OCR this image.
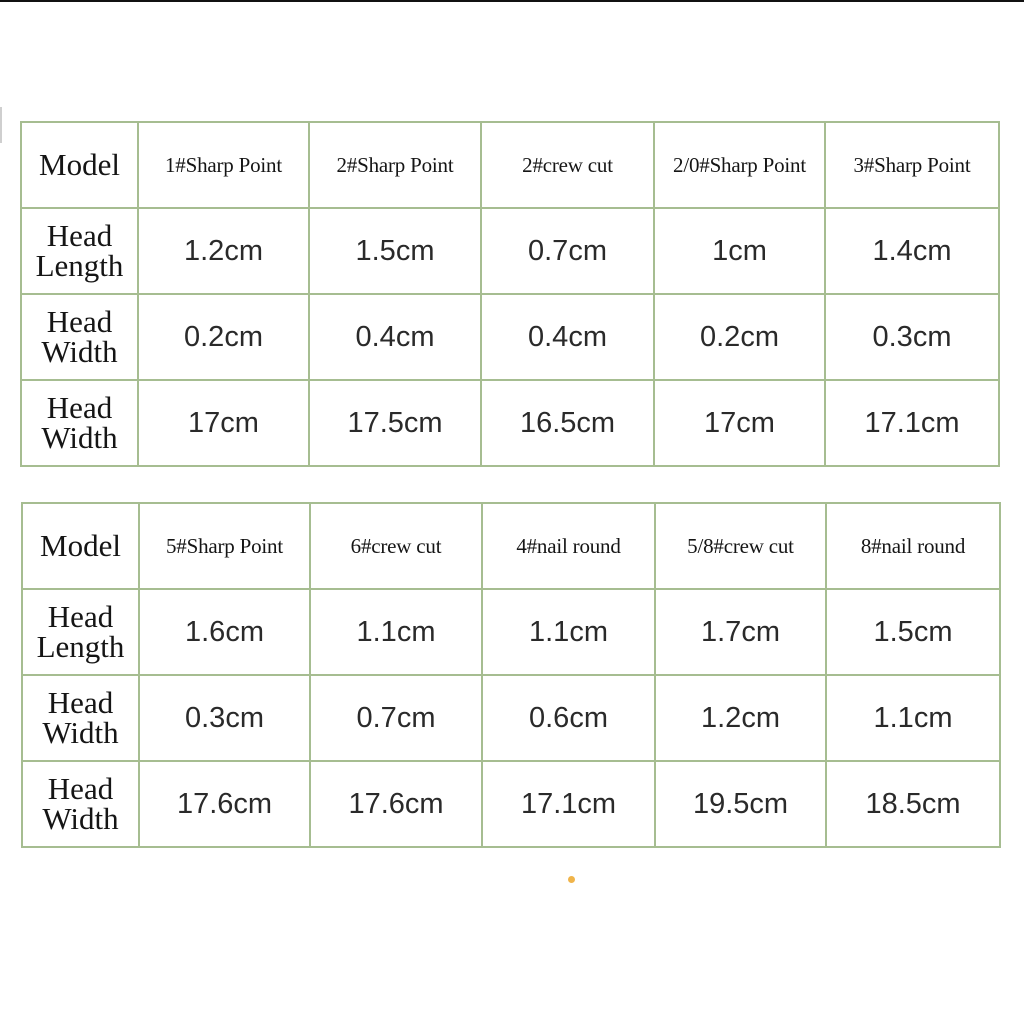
Model	1#Sharp Point	2#Sharp Point	2#crew cut	2/0#Sharp Point	3#Sharp Point
Head Length	1.2cm	1.5cm	0.7cm	1cm	1.4cm
Head Width	0.2cm	0.4cm	0.4cm	0.2cm	0.3cm
Head Width	17cm	17.5cm	16.5cm	17cm	17.1cm
Model	5#Sharp Point	6#crew cut	4#nail round	5/8#crew cut	8#nail round
Head Length	1.6cm	1.1cm	1.1cm	1.7cm	1.5cm
Head Width	0.3cm	0.7cm	0.6cm	1.2cm	1.1cm
Head Width	17.6cm	17.6cm	17.1cm	19.5cm	18.5cm
